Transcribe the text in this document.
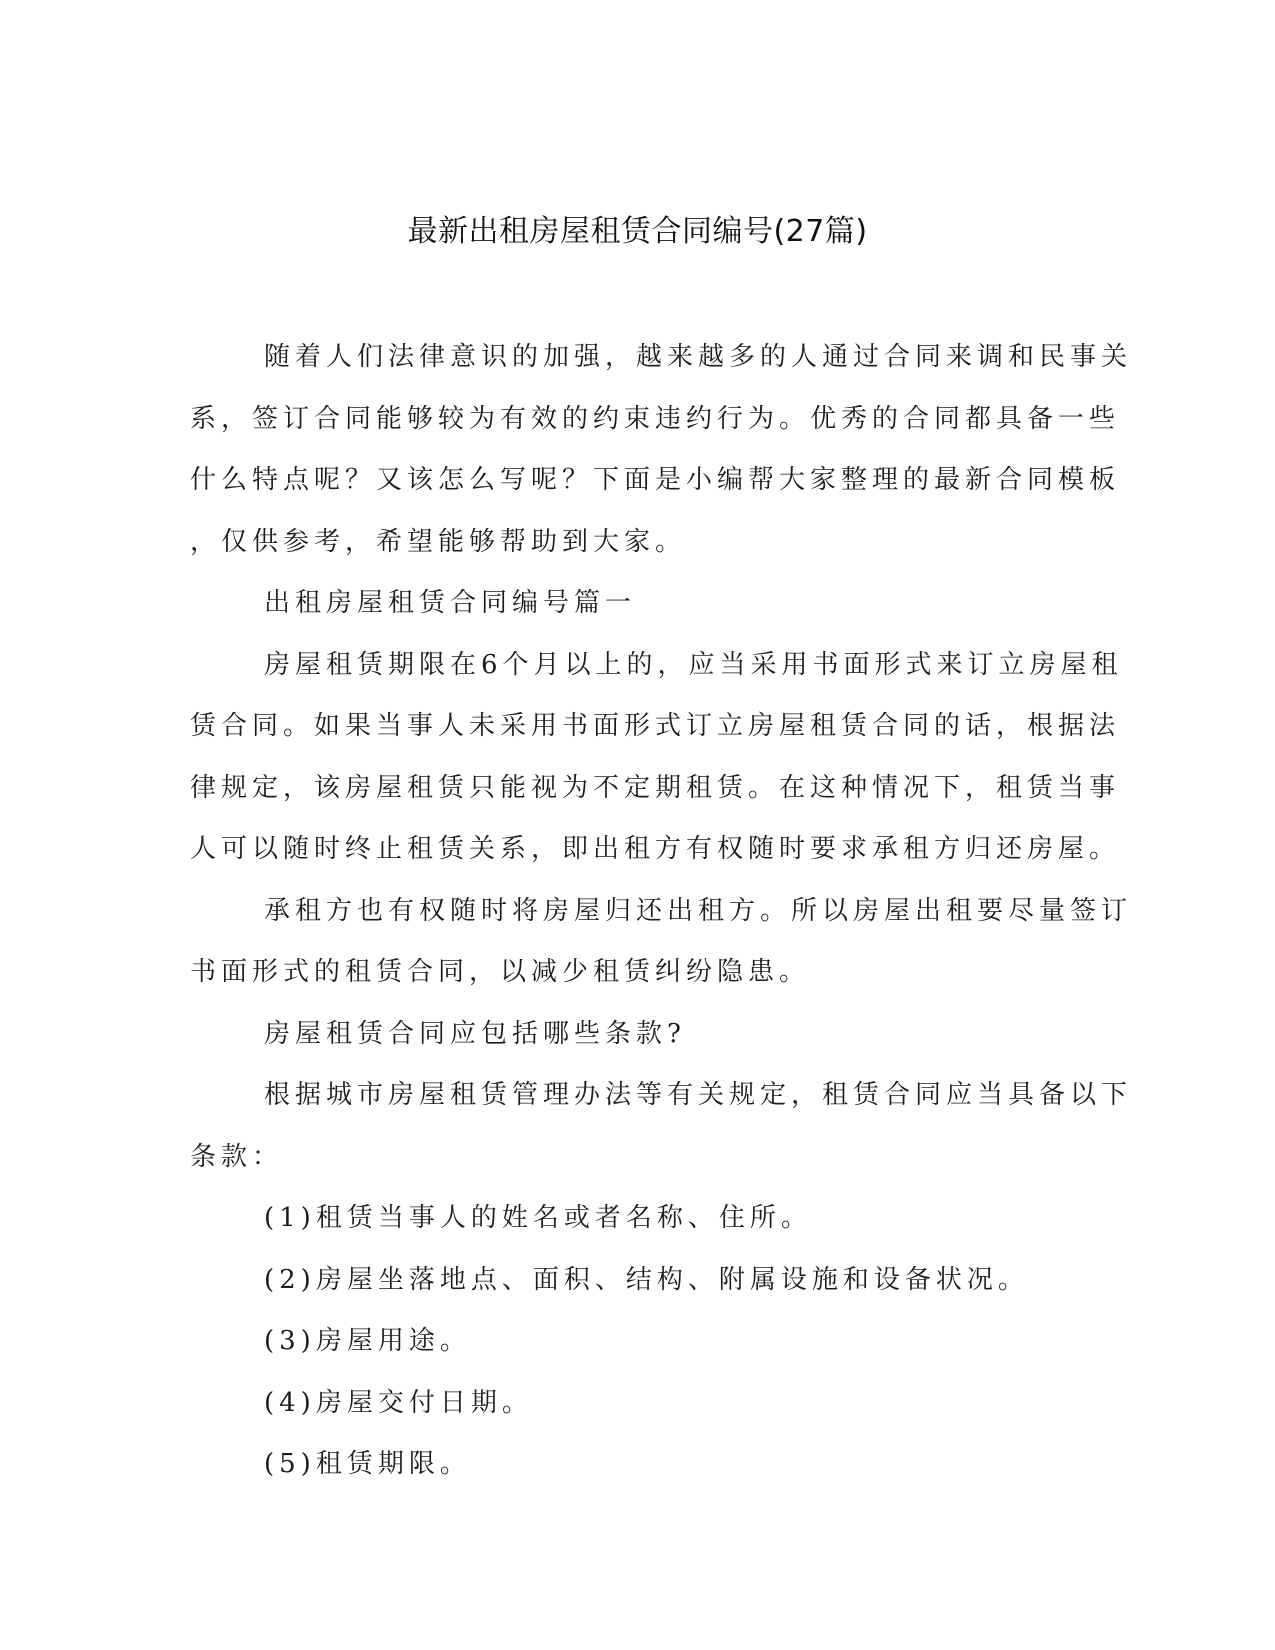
最新出租房屋租赁合同编号(27篇)

随着人们法律意识的加强，越来越多的人通过合同来调和民事关
系，签订合同能够较为有效的约束违约行为。优秀的合同都具备一些
什么特点呢？又该怎么写呢？下面是小编帮大家整理的最新合同模板
，仅供参考，希望能够帮助到大家。

出租房屋租赁合同编号篇一

房屋租赁期限在6个月以上的，应当采用书面形式来订立房屋租
赁合同。如果当事人未采用书面形式订立房屋租赁合同的话，根据法
律规定，该房屋租赁只能视为不定期租赁。在这种情况下，租赁当事
人可以随时终止租赁关系，即出租方有权随时要求承租方归还房屋。

承租方也有权随时将房屋归还出租方。所以房屋出租要尽量签订
书面形式的租赁合同，以减少租赁纠纷隐患。

房屋租赁合同应包括哪些条款?

根据城市房屋租赁管理办法等有关规定，租赁合同应当具备以下
条款：

(1)租赁当事人的姓名或者名称、住所。

(2)房屋坐落地点、面积、结构、附属设施和设备状况。

(3)房屋用途。

(4)房屋交付日期。

(5)租赁期限。
